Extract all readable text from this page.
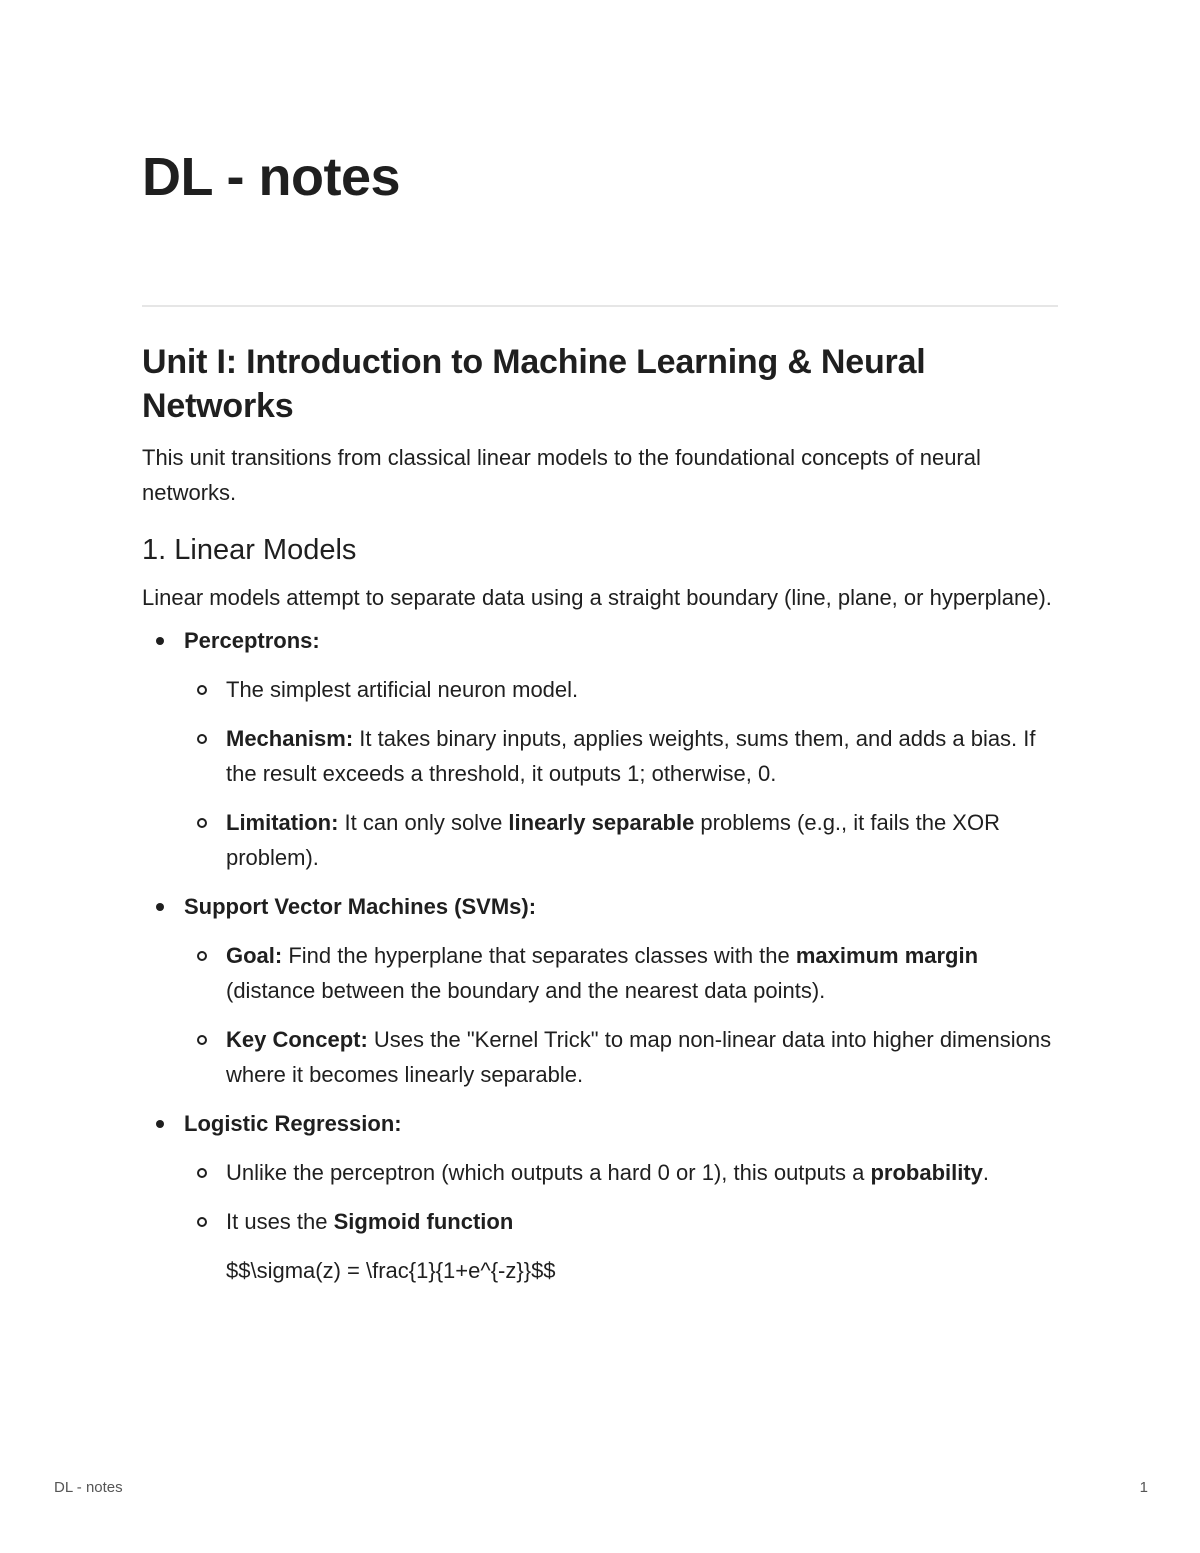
DL - notes
Unit I: Introduction to Machine Learning & Neural Networks

This unit transitions from classical linear models to the foundational concepts of neural networks.

1. Linear Models

Linear models attempt to separate data using a straight boundary (line, plane, or hyperplane).

Perceptrons:
The simplest artificial neuron model.
Mechanism: It takes binary inputs, applies weights, sums them, and adds a bias. If the result exceeds a threshold, it outputs 1; otherwise, 0.
Limitation: It can only solve linearly separable problems (e.g., it fails the XOR problem).
Support Vector Machines (SVMs):
Goal: Find the hyperplane that separates classes with the maximum margin (distance between the boundary and the nearest data points).
Key Concept: Uses the "Kernel Trick" to map non-linear data into higher dimensions where it becomes linearly separable.
Logistic Regression:
Unlike the perceptron (which outputs a hard 0 or 1), this outputs a probability.
It uses the Sigmoid function
$$\sigma(z) = \frac{1}{1+e^{-z}}$$
DL - notes	1
